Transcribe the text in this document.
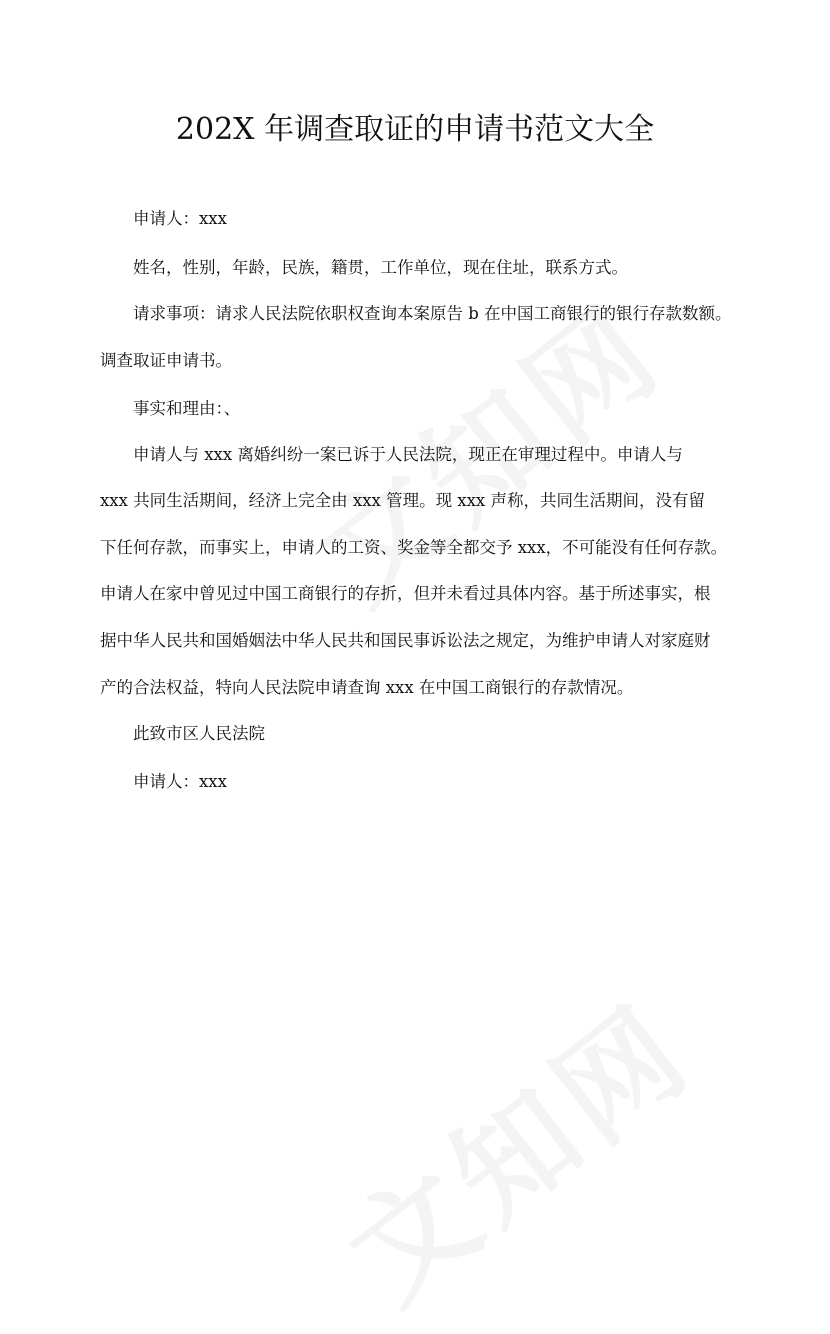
202X 年调查取证的申请书范文大全

申请人：xxx

姓名，性别，年龄，民族，籍贯，工作单位，现在住址，联系方式。

请求事项：请求人民法院依职权查询本案原告 b 在中国工商银行的银行存款数额。

调查取证申请书。

事实和理由：、

申请人与 xxx 离婚纠纷一案已诉于人民法院，现正在审理过程中。申请人与

xxx 共同生活期间，经济上完全由 xxx 管理。现 xxx 声称，共同生活期间，没有留

下任何存款，而事实上，申请人的工资、奖金等全都交予 xxx，不可能没有任何存款。

申请人在家中曾见过中国工商银行的存折，但并未看过具体内容。基于所述事实，根

据中华人民共和国婚姻法中华人民共和国民事诉讼法之规定，为维护申请人对家庭财

产的合法权益，特向人民法院申请查询 xxx 在中国工商银行的存款情况。

此致市区人民法院

申请人：xxx
